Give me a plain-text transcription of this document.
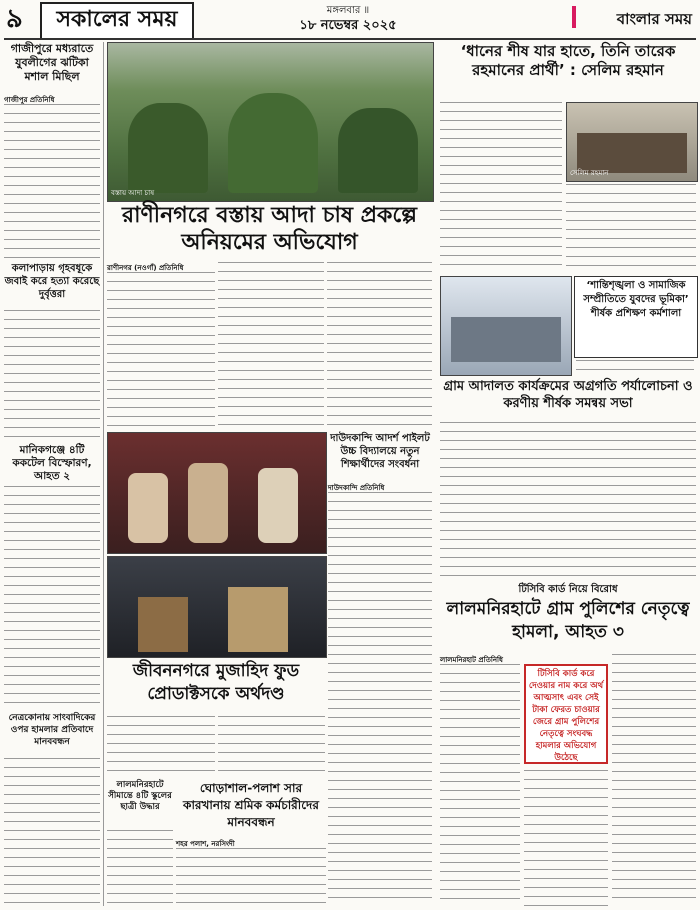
৯	সকালের সময়	মঙ্গলবার ॥
১৮ নভেম্বর ২০২৫	বাংলার সময়
গাজীপুরে মধ্যরাতে যুবলীগের ঝটিকা মশাল মিছিল
গাজীপুর প্রতিনিধি
কলাপাড়ায় গৃহবধূকে জবাই করে হত্যা করেছে দুর্বৃত্তরা
মানিকগঞ্জে ৪টি ককটেল বিস্ফোরণ, আহত ২
নেত্রকোনায় সাংবাদিকের ওপর হামলার প্রতিবাদে মানববন্ধন
বস্তায় আদা চাষ
‘ধানের শীষ যার হাতে, তিনি তারেক রহমানের প্রার্থী’ : সেলিম রহমান
সেলিম রহমান
রাণীনগরে বস্তায় আদা চাষ প্রকল্পে অনিয়মের অভিযোগ
রাণীনগর (নওগাঁ) প্রতিনিধি
গ্রাম আদালত কার্যক্রমের অগ্রগতি পর্যালোচনা ও করণীয় শীর্ষক সমন্বয় সভা
‘শান্তিশৃঙ্খলা ও সামাজিক সম্প্রীতিতে যুবদের ভূমিকা’ শীর্ষক প্রশিক্ষণ কর্মশালা
দাউদকান্দি আদর্শ পাইলট উচ্চ বিদ্যালয়ে নতুন শিক্ষার্থীদের সংবর্ধনা
দাউদকান্দি প্রতিনিধি
জীবননগরে মুজাহিদ ফুড প্রোডাক্টসকে অর্থদণ্ড
লালমনিরহাটে সীমান্তে ৪টি স্কুলের ছাত্রী উদ্ধার
ঘোড়াশাল-পলাশ সার কারখানায় শ্রমিক কর্মচারীদের মানববন্ধন
শহর পলাশ, নরসিংদী
টিসিবি কার্ড নিয়ে বিরোধ
লালমনিরহাটে গ্রাম পুলিশের নেতৃত্বে হামলা, আহত ৩
লালমনিরহাট প্রতিনিধি
টিসিবি কার্ড করে দেওয়ার নাম করে অর্থ আত্মসাৎ এবং সেই টাকা ফেরত চাওয়ার জেরে গ্রাম পুলিশের নেতৃত্বে সংঘবদ্ধ হামলার অভিযোগ উঠেছে
